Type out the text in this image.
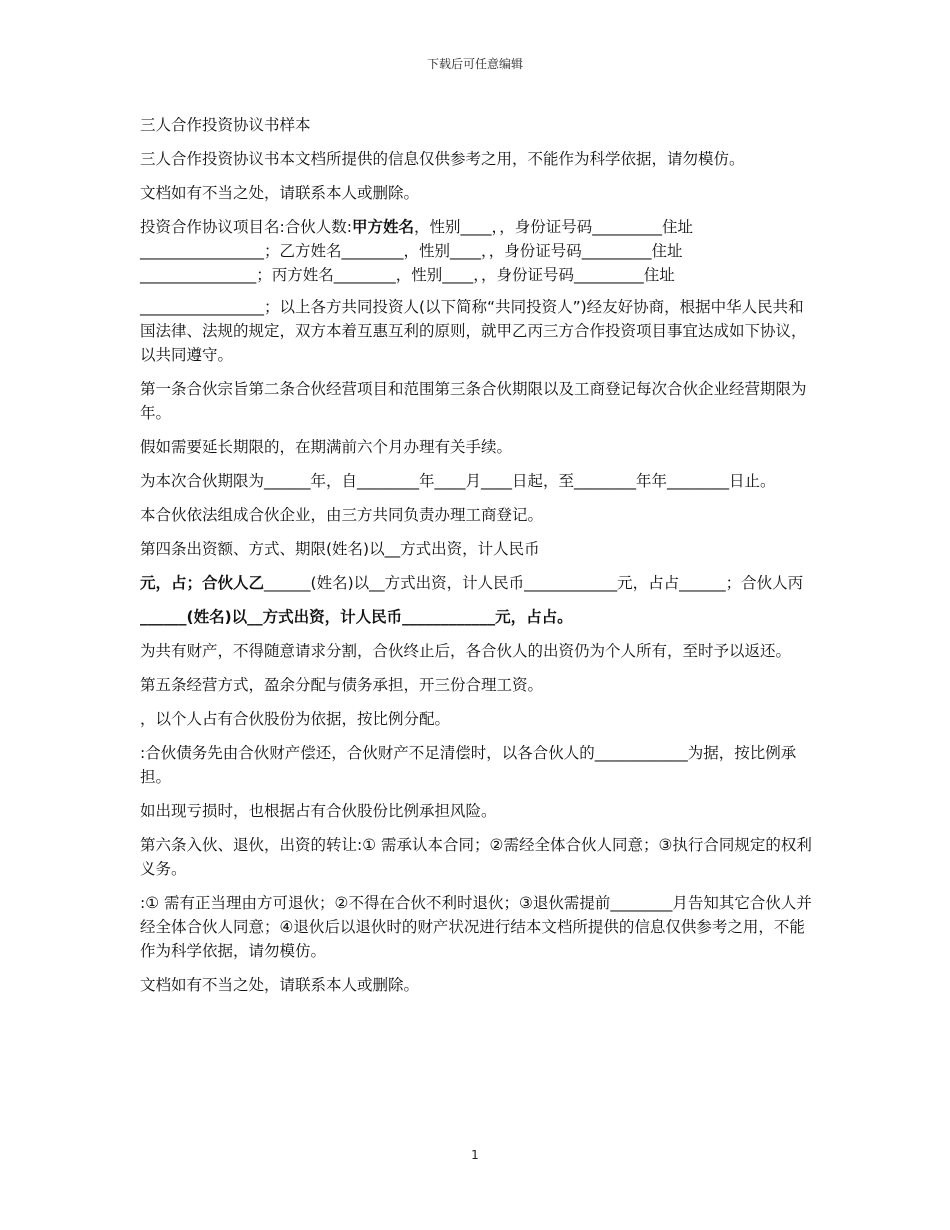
下载后可任意编辑

三人合作投资协议书样本

三人合作投资协议书本文档所提供的信息仅供参考之用，不能作为科学依据，请勿模仿。

文档如有不当之处，请联系本人或删除。

投资合作协议项目名:合伙人数:甲方姓名，性别____，，身份证号码_________住址________________；乙方姓名________，性别____，，身份证号码_________住址_______________；丙方姓名________，性别____，，身份证号码_________住址

________________；以上各方共同投资人(以下简称“共同投资人”)经友好协商，根据中华人民共和国法律、法规的规定，双方本着互惠互利的原则，就甲乙丙三方合作投资项目事宜达成如下协议，以共同遵守。

第一条合伙宗旨第二条合伙经营项目和范围第三条合伙期限以及工商登记每次合伙企业经营期限为年。

假如需要延长期限的，在期满前六个月办理有关手续。

为本次合伙期限为______年，自________年____月____日起，至________年年________日止。

本合伙依法组成合伙企业，由三方共同负责办理工商登记。

第四条出资额、方式、期限(姓名)以__方式出资，计人民币

元，占；合伙人乙______(姓名)以__方式出资，计人民币____________元，占占______；合伙人丙

______(姓名)以__方式出资，计人民币____________元，占占。

为共有财产，不得随意请求分割，合伙终止后，各合伙人的出资仍为个人所有，至时予以返还。

第五条经营方式，盈余分配与债务承担，开三份合理工资。

，以个人占有合伙股份为依据，按比例分配。

:合伙债务先由合伙财产偿还，合伙财产不足清偿时，以各合伙人的____________为据，按比例承担。

如出现亏损时，也根据占有合伙股份比例承担风险。

第六条入伙、退伙，出资的转让:① 需承认本合同；②需经全体合伙人同意；③执行合同规定的权利义务。

:① 需有正当理由方可退伙；②不得在合伙不利时退伙；③退伙需提前________月告知其它合伙人并经全体合伙人同意；④退伙后以退伙时的财产状况进行结本文档所提供的信息仅供参考之用，不能作为科学依据，请勿模仿。

文档如有不当之处，请联系本人或删除。

1
